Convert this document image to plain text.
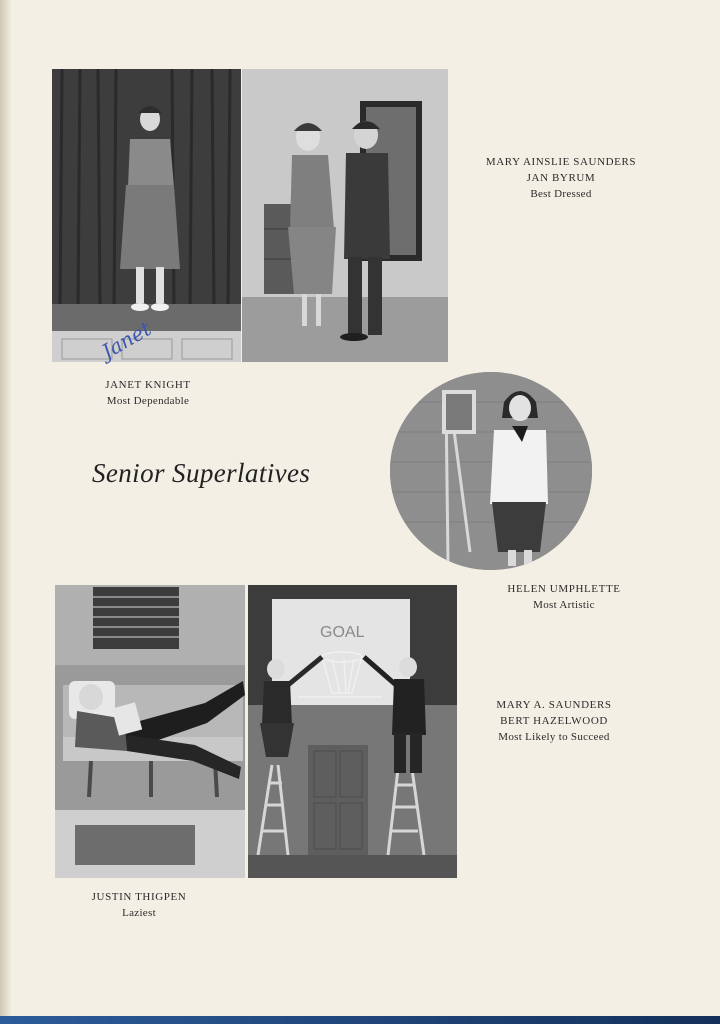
Janet
JANET KNIGHT
Most Dependable
MARY AINSLIE SAUNDERS
JAN BYRUM
Best Dressed
Senior Superlatives
HELEN UMPHLETTE
Most Artistic
GOAL
MARY A. SAUNDERS
BERT HAZELWOOD
Most Likely to Succeed
JUSTIN THIGPEN
Laziest
